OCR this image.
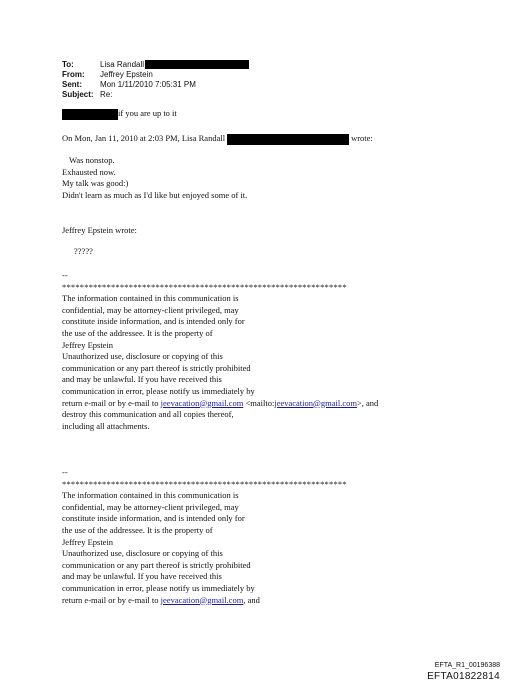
To:	Lisa Randall
From:	Jeffrey Epstein
Sent:	Mon 1/11/2010 7:05:31 PM
Subject: Re:
if you are up to it
On Mon, Jan 11, 2010 at 2:03 PM, Lisa Randall	wrote:

Was nonstop.

Exhausted now.

My talk was good:)

Didn't learn as much as I'd like but enjoyed some of it.

Jeffrey Epstein wrote:
?????

--

****************************************************************

The information contained in this communication is

confidential, may be attorney-client privileged, may

constitute inside information, and is intended only for

the use of the addressee. It is the property of

Jeffrey Epstein

Unauthorized use, disclosure or copying of this

communication or any part thereof is strictly prohibited

and may be unlawful. If you have received this

communication in error, please notify us immediately by

return e-mail or by e-mail to jeevacation@gmail.com <mailto:jeevacation@gmail.com>, and

destroy this communication and all copies thereof,

including all attachments.

--

****************************************************************

The information contained in this communication is

confidential, may be attorney-client privileged, may

constitute inside information, and is intended only for

the use of the addressee. It is the property of

Jeffrey Epstein

Unauthorized use, disclosure or copying of this

communication or any part thereof is strictly prohibited

and may be unlawful. If you have received this

communication in error, please notify us immediately by

return e-mail or by e-mail to jeevacation@gmail.com, and

EFTA_R1_00196388
EFTA01822814
